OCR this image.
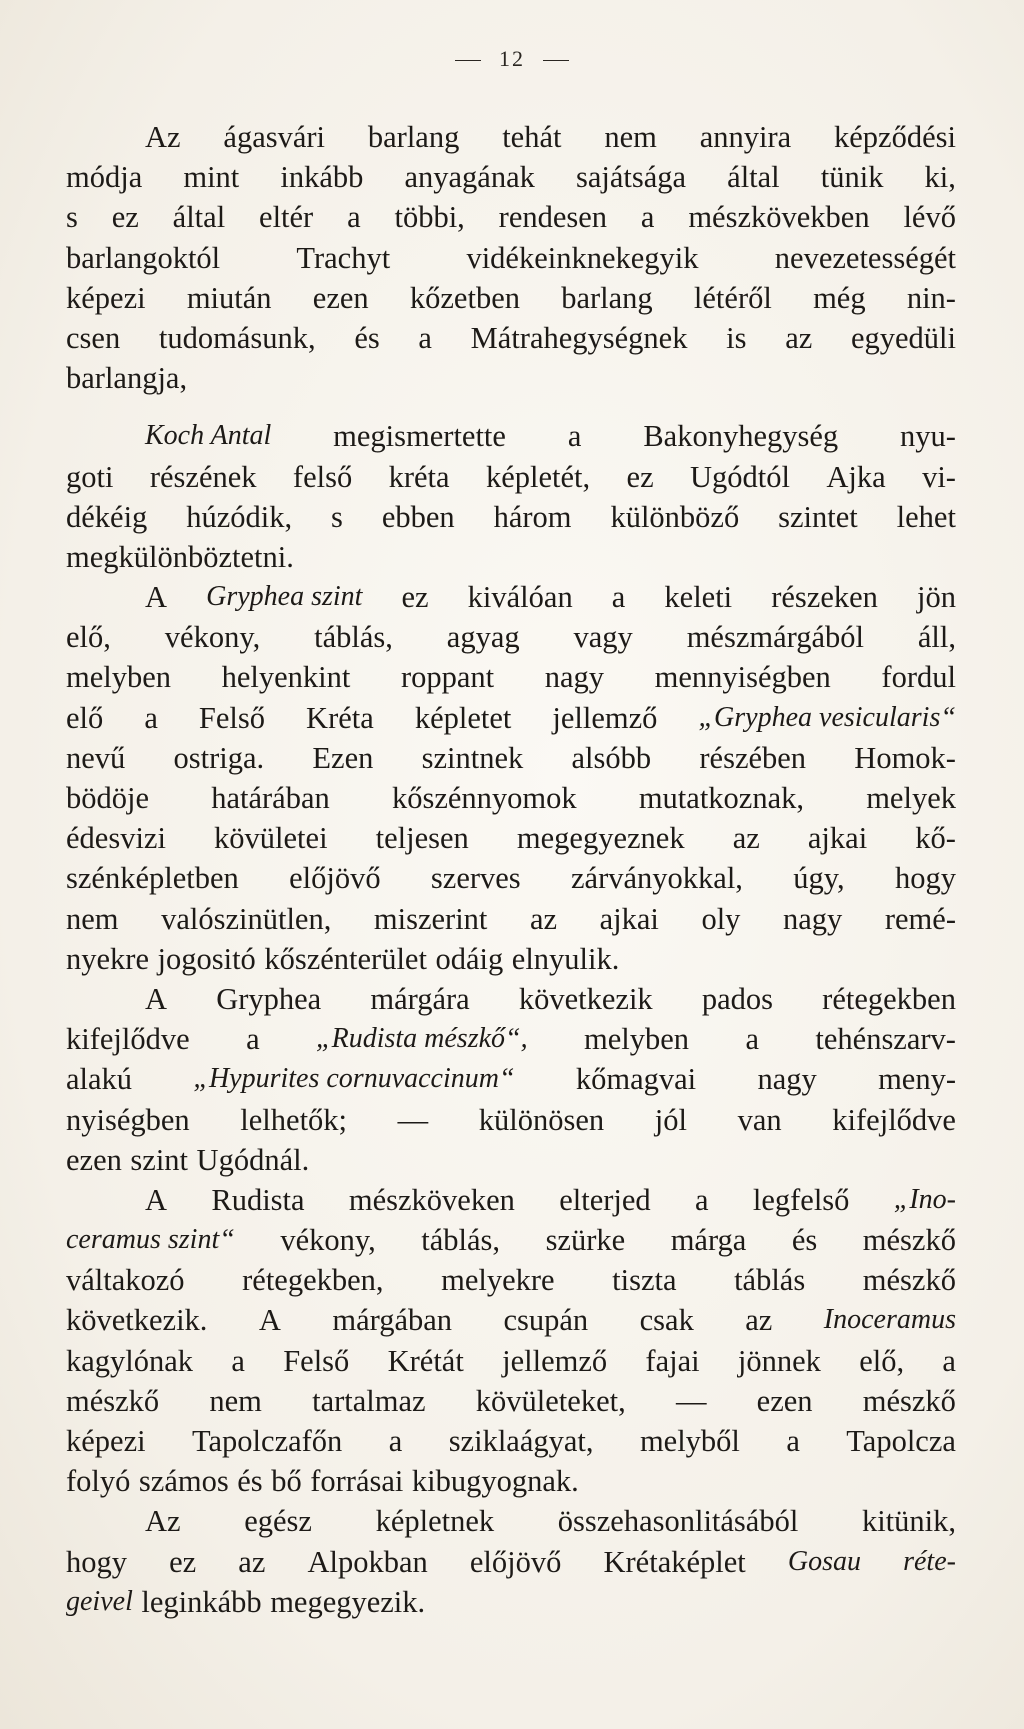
12
Az ágasvári barlang tehát nem annyira képződési
módja mint inkább anyagának sajátsága által tünik ki,
s ez által eltér a többi, rendesen a mészkövekben lévő
barlangoktól	Trachyt	vidékeinknekegyik	nevezetességét
képezi miután ezen kőzetben barlang létéről még nin-
csen tudomásunk, és a Mátrahegységnek is az egyedüli
barlangja,
Koch Antal megismertette a Bakonyhegység nyu-
goti részének felső kréta képletét, ez Ugódtól Ajka vi-
dékéig húzódik, s ebben három különböző szintet lehet
megkülönböztetni.
A Gryphea szint ez kiválóan a keleti részeken jön
elő, vékony, táblás, agyag vagy mészmárgából áll,
melyben helyenkint roppant nagy mennyiségben fordul
elő a Felső Kréta képletet jellemző „Gryphea vesicularis“
nevű ostriga. Ezen szintnek alsóbb részében Homok-
bödöje határában kőszénnyomok mutatkoznak, melyek
édesvizi kövületei teljesen megegyeznek az ajkai kő-
szénképletben előjövő szerves zárványokkal, úgy, hogy
nem valószinütlen, miszerint az ajkai oly nagy remé-
nyekre jogositó kőszénterület odáig elnyulik.
A Gryphea márgára következik pados rétegekben
kifejlődve a „Rudista mészkő“, melyben a tehénszarv-
alakú „Hypurites cornuvaccinum“ kőmagvai nagy meny-
nyiségben lelhetők; — különösen jól van kifejlődve
ezen szint Ugódnál.
A Rudista mészköveken elterjed a legfelső „Ino-
ceramus szint“ vékony, táblás, szürke márga és mészkő
váltakozó rétegekben, melyekre tiszta táblás mészkő
következik. A márgában csupán csak az Inoceramus
kagylónak a Felső Krétát jellemző fajai jönnek elő, a
mészkő nem tartalmaz kövületeket, — ezen mészkő
képezi Tapolczafőn a sziklaágyat, melyből a Tapolcza
folyó számos és bő forrásai kibugyognak.
Az egész képletnek összehasonlitásából kitünik,
hogy ez az Alpokban előjövő Krétaképlet Gosau réte-
geivel leginkább megegyezik.
